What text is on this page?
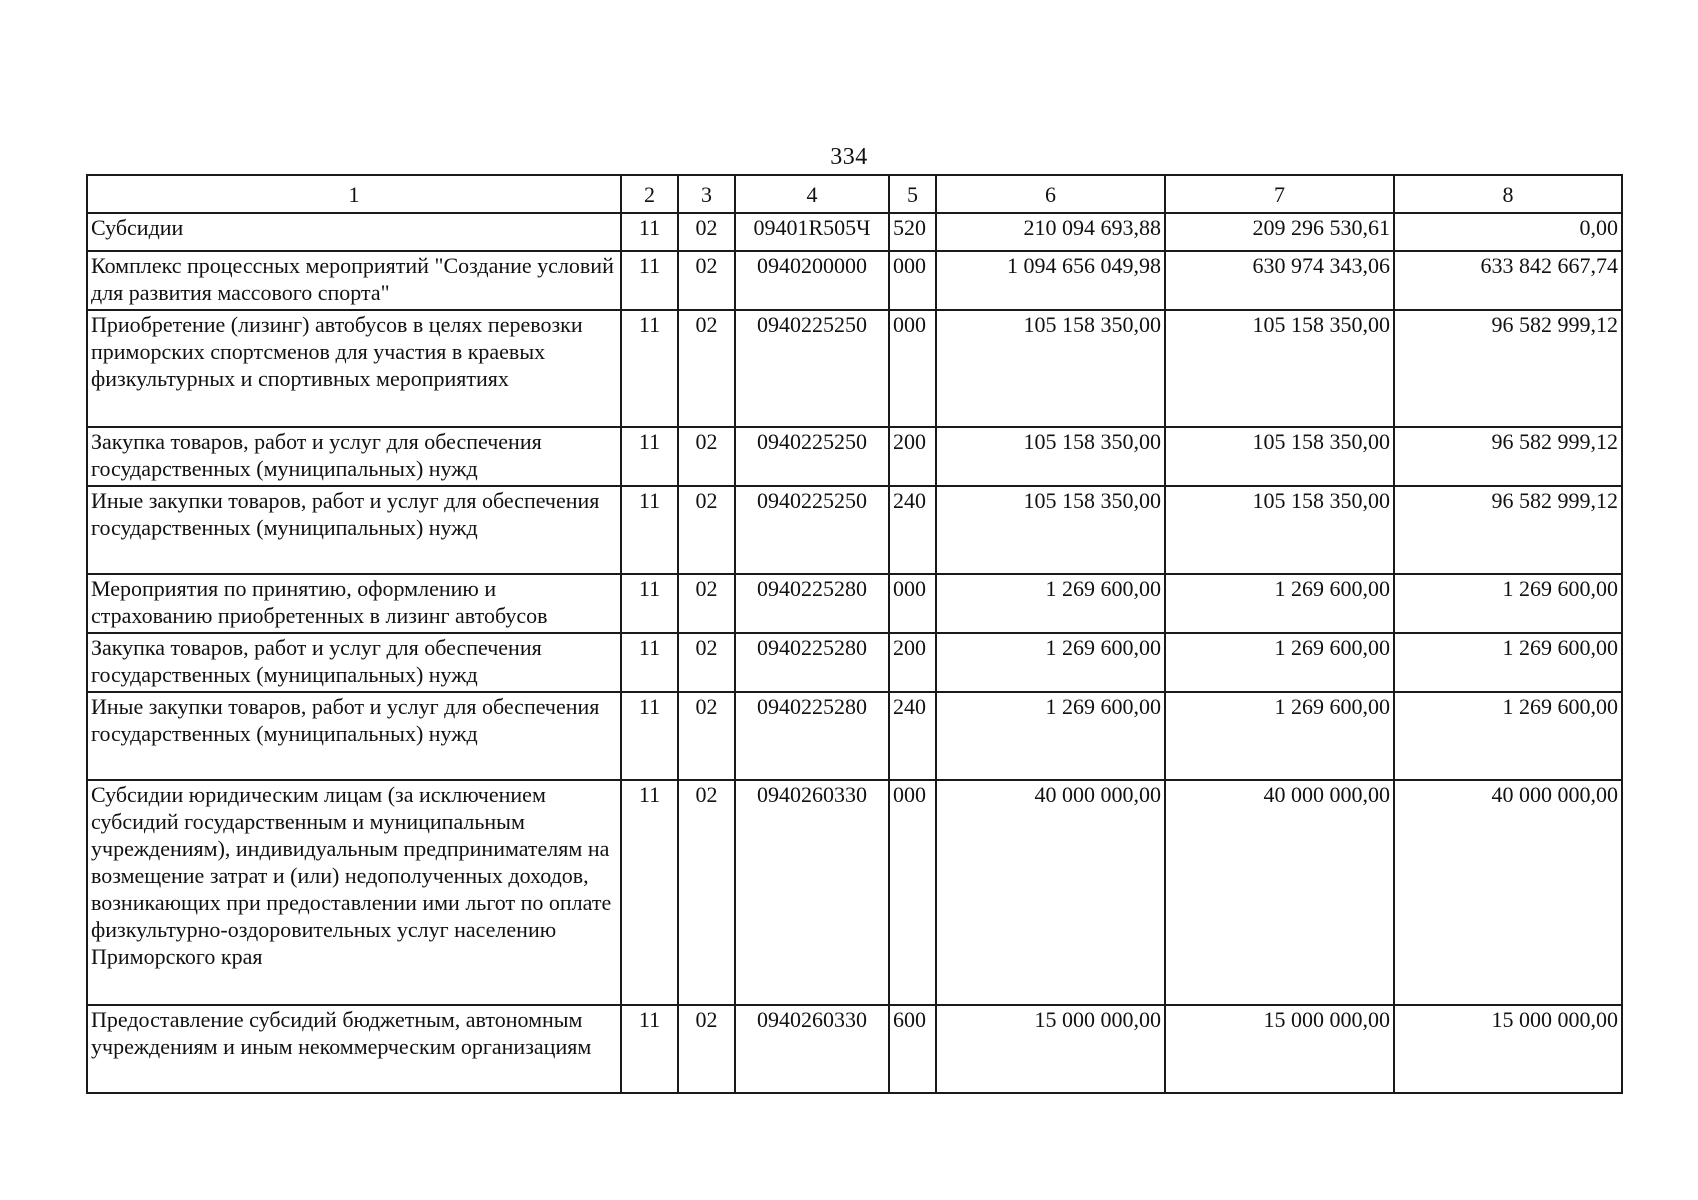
334
1	2	3	4	5	6	7	8
Субсидии	11	02	09401R505Ч	520	210 094 693,88	209 296 530,61	0,00
Комплекс процессных мероприятий "Создание условий для развития массового спорта"	11	02	0940200000	000	1 094 656 049,98	630 974 343,06	633 842 667,74
Приобретение (лизинг) автобусов в целях перевозки приморских спортсменов для участия в краевых физкультурных и спортивных мероприятиях	11	02	0940225250	000	105 158 350,00	105 158 350,00	96 582 999,12
Закупка товаров, работ и услуг для обеспечения государственных (муниципальных) нужд	11	02	0940225250	200	105 158 350,00	105 158 350,00	96 582 999,12
Иные закупки товаров, работ и услуг для обеспечения государственных (муниципальных) нужд	11	02	0940225250	240	105 158 350,00	105 158 350,00	96 582 999,12
Мероприятия по принятию, оформлению и страхованию приобретенных в лизинг автобусов	11	02	0940225280	000	1 269 600,00	1 269 600,00	1 269 600,00
Закупка товаров, работ и услуг для обеспечения государственных (муниципальных) нужд	11	02	0940225280	200	1 269 600,00	1 269 600,00	1 269 600,00
Иные закупки товаров, работ и услуг для обеспечения государственных (муниципальных) нужд	11	02	0940225280	240	1 269 600,00	1 269 600,00	1 269 600,00
Субсидии юридическим лицам (за исключением субсидий государственным и муниципальным учреждениям), индивидуальным предпринимателям на возмещение затрат и (или) недополученных доходов, возникающих при предоставлении ими льгот по оплате физкультурно-оздоровительных услуг населению Приморского края	11	02	0940260330	000	40 000 000,00	40 000 000,00	40 000 000,00
Предоставление субсидий бюджетным, автономным учреждениям и иным некоммерческим организациям	11	02	0940260330	600	15 000 000,00	15 000 000,00	15 000 000,00
